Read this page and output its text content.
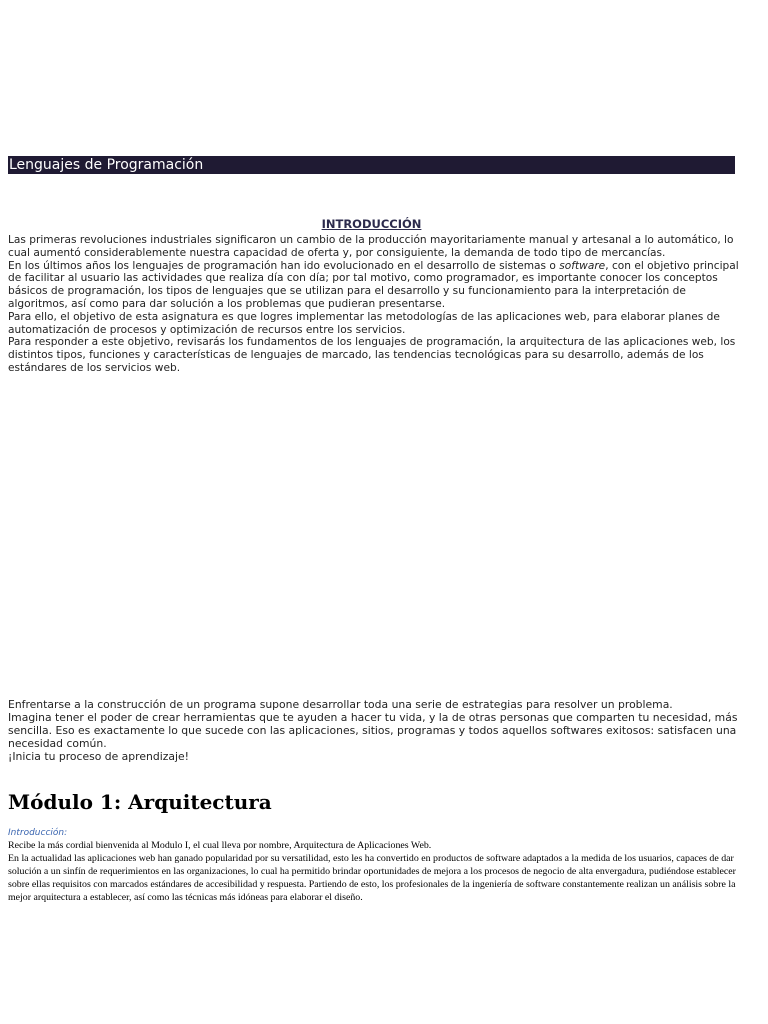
Lenguajes de Programación
INTRODUCCIÓN

Las primeras revoluciones industriales significaron un cambio de la producción mayoritariamente manual y artesanal a lo automático, lo cual aumentó considerablemente nuestra capacidad de oferta y, por consiguiente, la demanda de todo tipo de mercancías.

En los últimos años los lenguajes de programación han ido evolucionado en el desarrollo de sistemas o software, con el objetivo principal de facilitar al usuario las actividades que realiza día con día; por tal motivo, como programador, es importante conocer los conceptos básicos de programación, los tipos de lenguajes que se utilizan para el desarrollo y su funcionamiento para la interpretación de algoritmos, así como para dar solución a los problemas que pudieran presentarse.

Para ello, el objetivo de esta asignatura es que logres implementar las metodologías de las aplicaciones web, para elaborar planes de automatización de procesos y optimización de recursos entre los servicios.

Para responder a este objetivo, revisarás los fundamentos de los lenguajes de programación, la arquitectura de las aplicaciones web, los distintos tipos, funciones y características de lenguajes de marcado, las tendencias tecnológicas para su desarrollo, además de los estándares de los servicios web.

Enfrentarse a la construcción de un programa supone desarrollar toda una serie de estrategias para resolver un problema.

Imagina tener el poder de crear herramientas que te ayuden a hacer tu vida, y la de otras personas que comparten tu necesidad, más sencilla. Eso es exactamente lo que sucede con las aplicaciones, sitios, programas y todos aquellos softwares exitosos: satisfacen una necesidad común.

¡Inicia tu proceso de aprendizaje!

Módulo 1: Arquitectura
Introducción:

Recibe la más cordial bienvenida al Modulo I, el cual lleva por nombre, Arquitectura de Aplicaciones Web.

En la actualidad las aplicaciones web han ganado popularidad por su versatilidad, esto les ha convertido en productos de software adaptados a la medida de los usuarios, capaces de dar solución a un sinfín de requerimientos en las organizaciones, lo cual ha permitido brindar oportunidades de mejora a los procesos de negocio de alta envergadura, pudiéndose establecer sobre ellas requisitos con marcados estándares de accesibilidad y respuesta. Partiendo de esto, los profesionales de la ingeniería de software constantemente realizan un análisis sobre la mejor arquitectura a establecer, así como las técnicas más idóneas para elaborar el diseño.
